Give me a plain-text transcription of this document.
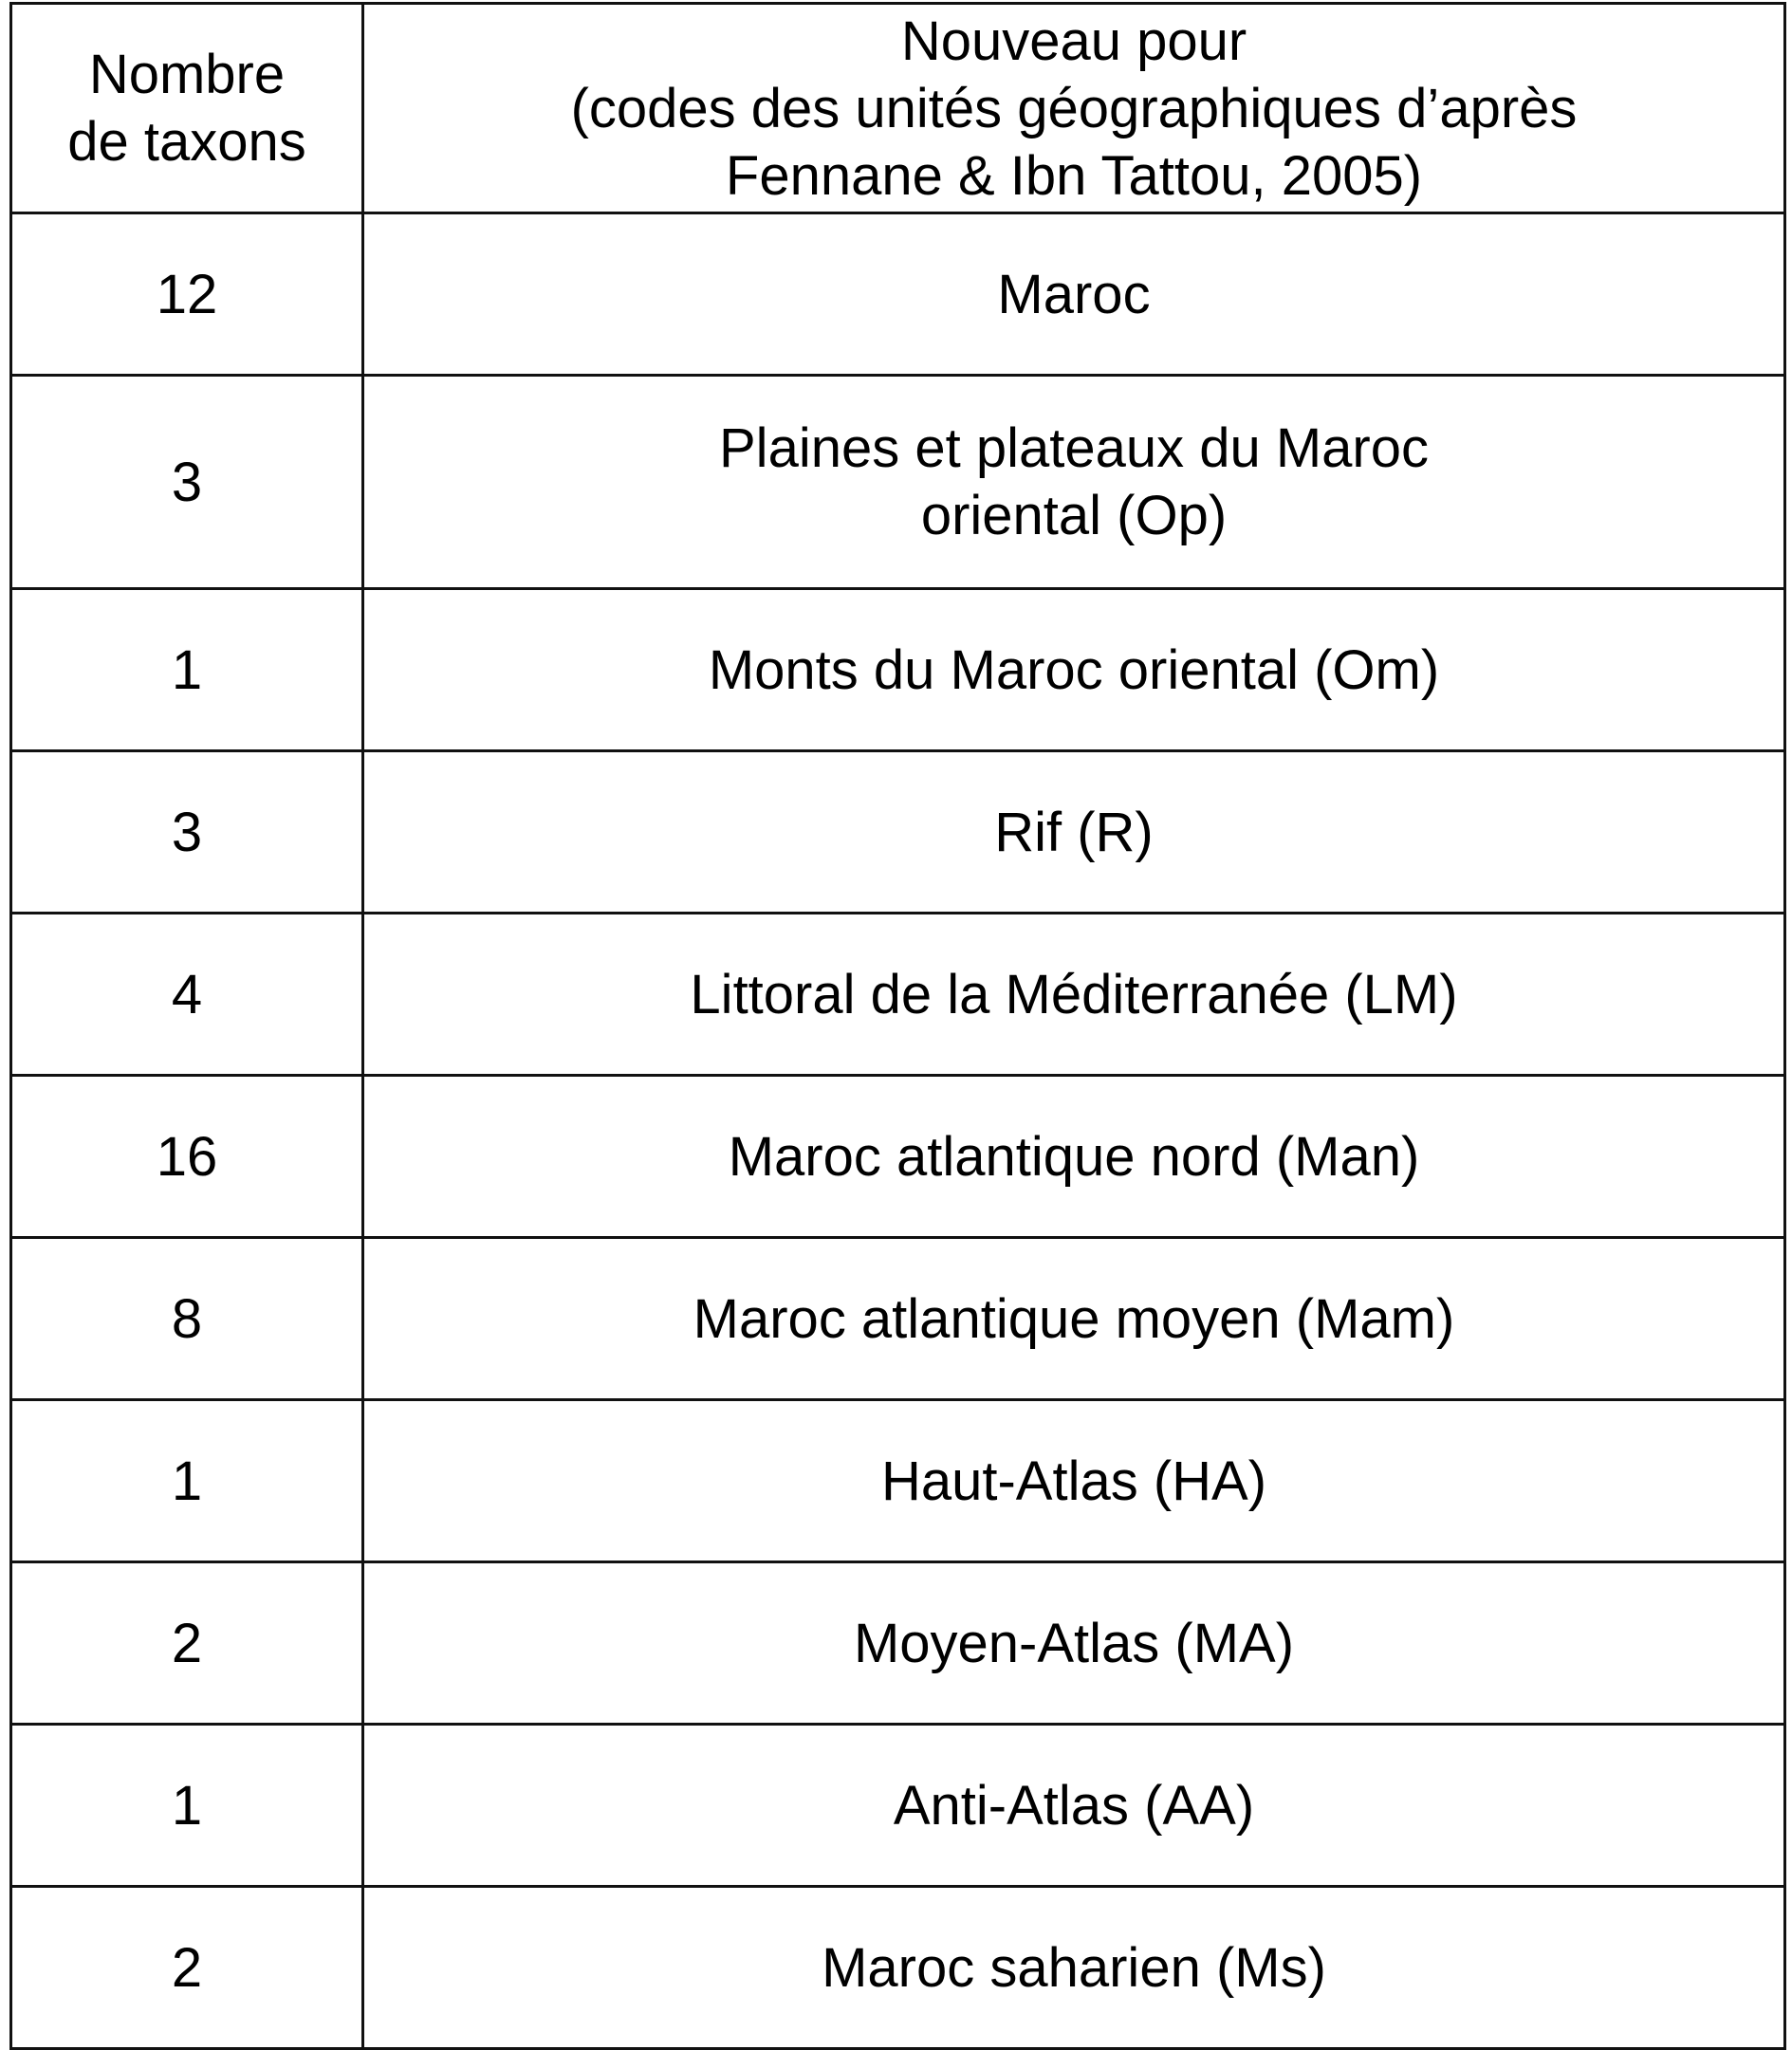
Nombre
de taxons	Nouveau pour
(codes des unités géographiques d’après
Fennane & Ibn Tattou, 2005)

12	Maroc

3	Plaines et plateaux du Maroc
oriental (Op)

1	Monts du Maroc oriental (Om)

3	Rif (R)

4	Littoral de la Méditerranée (LM)

16	Maroc atlantique nord (Man)

8	Maroc atlantique moyen (Mam)

1	Haut-Atlas (HA)

2	Moyen-Atlas (MA)

1	Anti-Atlas (AA)

2	Maroc saharien (Ms)
